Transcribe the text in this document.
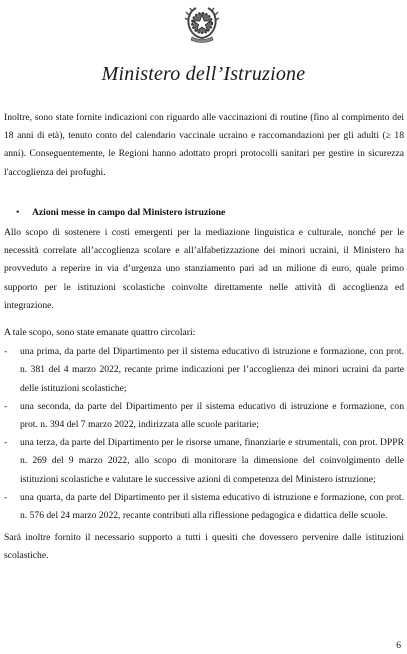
Ministero dell’Istruzione

Inoltre, sono state fornite indicazioni con riguardo alle vaccinazioni di routine (fino al compimento dei 18 anni di età), tenuto conto del calendario vaccinale ucraino e raccomandazioni per gli adulti (≥ 18 anni). Conseguentemente, le Regioni hanno adottato propri protocolli sanitari per gestire in sicurezza l'accoglienza dei profughi.

• Azioni messe in campo dal Ministero istruzione

Allo scopo di sostenere i costi emergenti per la mediazione linguistica e culturale, nonché per le necessità correlate all’accoglienza scolare e all’alfabetizzazione dei minori ucraini, il Ministero ha provveduto a reperire in via d’urgenza uno stanziamento pari ad un milione di euro, quale primo supporto per le istituzioni scolastiche coinvolte direttamente nelle attività di accoglienza ed integrazione.

A tale scopo, sono state emanate quattro circolari:

- una prima, da parte del Dipartimento per il sistema educativo di istruzione e formazione, con prot. n. 381 del 4 marzo 2022, recante prime indicazioni per l’accoglienza dei minori ucraini da parte delle istituzioni scolastiche;
- una seconda, da parte del Dipartimento per il sistema educativo di istruzione e formazione, con prot. n. 394 del 7 marzo 2022, indirizzata alle scuole paritarie;
- una terza, da parte del Dipartimento per le risorse umane, finanziarie e strumentali, con prot. DPPR n. 269 del 9 marzo 2022, allo scopo di monitorare la dimensione del coinvolgimento delle istituzioni scolastiche e valutare le successive azioni di competenza del Ministero istruzione;
- una quarta, da parte del Dipartimento per il sistema educativo di istruzione e formazione, con prot. n. 576 del 24 marzo 2022, recante contributi alla riflessione pedagogica e didattica delle scuole.

Sarà inoltre fornito il necessario supporto a tutti i quesiti che dovessero pervenire dalle istituzioni scolastiche.

6
